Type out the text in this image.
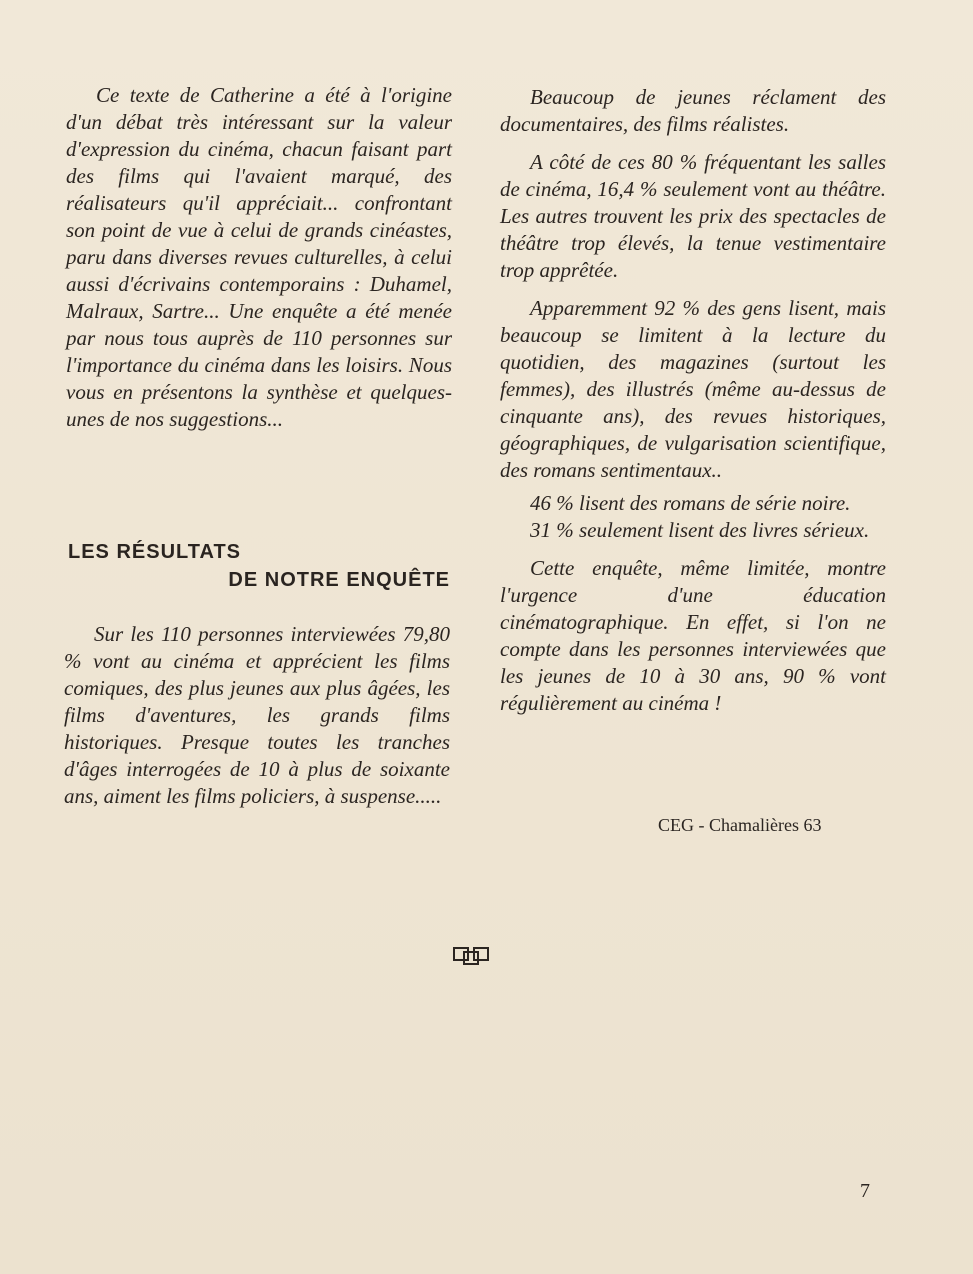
Ce texte de Catherine a été à l'origine d'un débat très intéressant sur la valeur d'expression du cinéma, chacun faisant part des films qui l'avaient marqué, des réalisateurs qu'il appréciait... confrontant son point de vue à celui de grands cinéastes, paru dans diverses revues culturelles, à celui aussi d'écrivains contemporains : Duhamel, Malraux, Sartre... Une enquête a été menée par nous tous auprès de 110 personnes sur l'importance du cinéma dans les loisirs. Nous vous en présentons la synthèse et quelques-unes de nos suggestions...

LES RÉSULTATS
DE NOTRE ENQUÊTE

Sur les 110 personnes interviewées 79,80 % vont au cinéma et apprécient les films comiques, des plus jeunes aux plus âgées, les films d'aventures, les grands films historiques. Presque toutes les tranches d'âges interrogées de 10 à plus de soixante ans, aiment les films policiers, à suspense.....

Beaucoup de jeunes réclament des documentaires, des films réalistes.

A côté de ces 80 % fréquentant les salles de cinéma, 16,4 % seulement vont au théâtre. Les autres trouvent les prix des spectacles de théâtre trop élevés, la tenue vestimentaire trop apprêtée.

Apparemment 92 % des gens lisent, mais beaucoup se limitent à la lecture du quotidien, des magazines (surtout les femmes), des illustrés (même au-dessus de cinquante ans), des revues historiques, géographiques, de vulgarisation scientifique, des romans sentimentaux..

46 % lisent des romans de série noire.

31 % seulement lisent des livres sérieux.

Cette enquête, même limitée, montre l'urgence d'une éducation cinématographique. En effet, si l'on ne compte dans les personnes interviewées que les jeunes de 10 à 30 ans, 90 % vont régulièrement au cinéma !

CEG - Chamalières 63
7
